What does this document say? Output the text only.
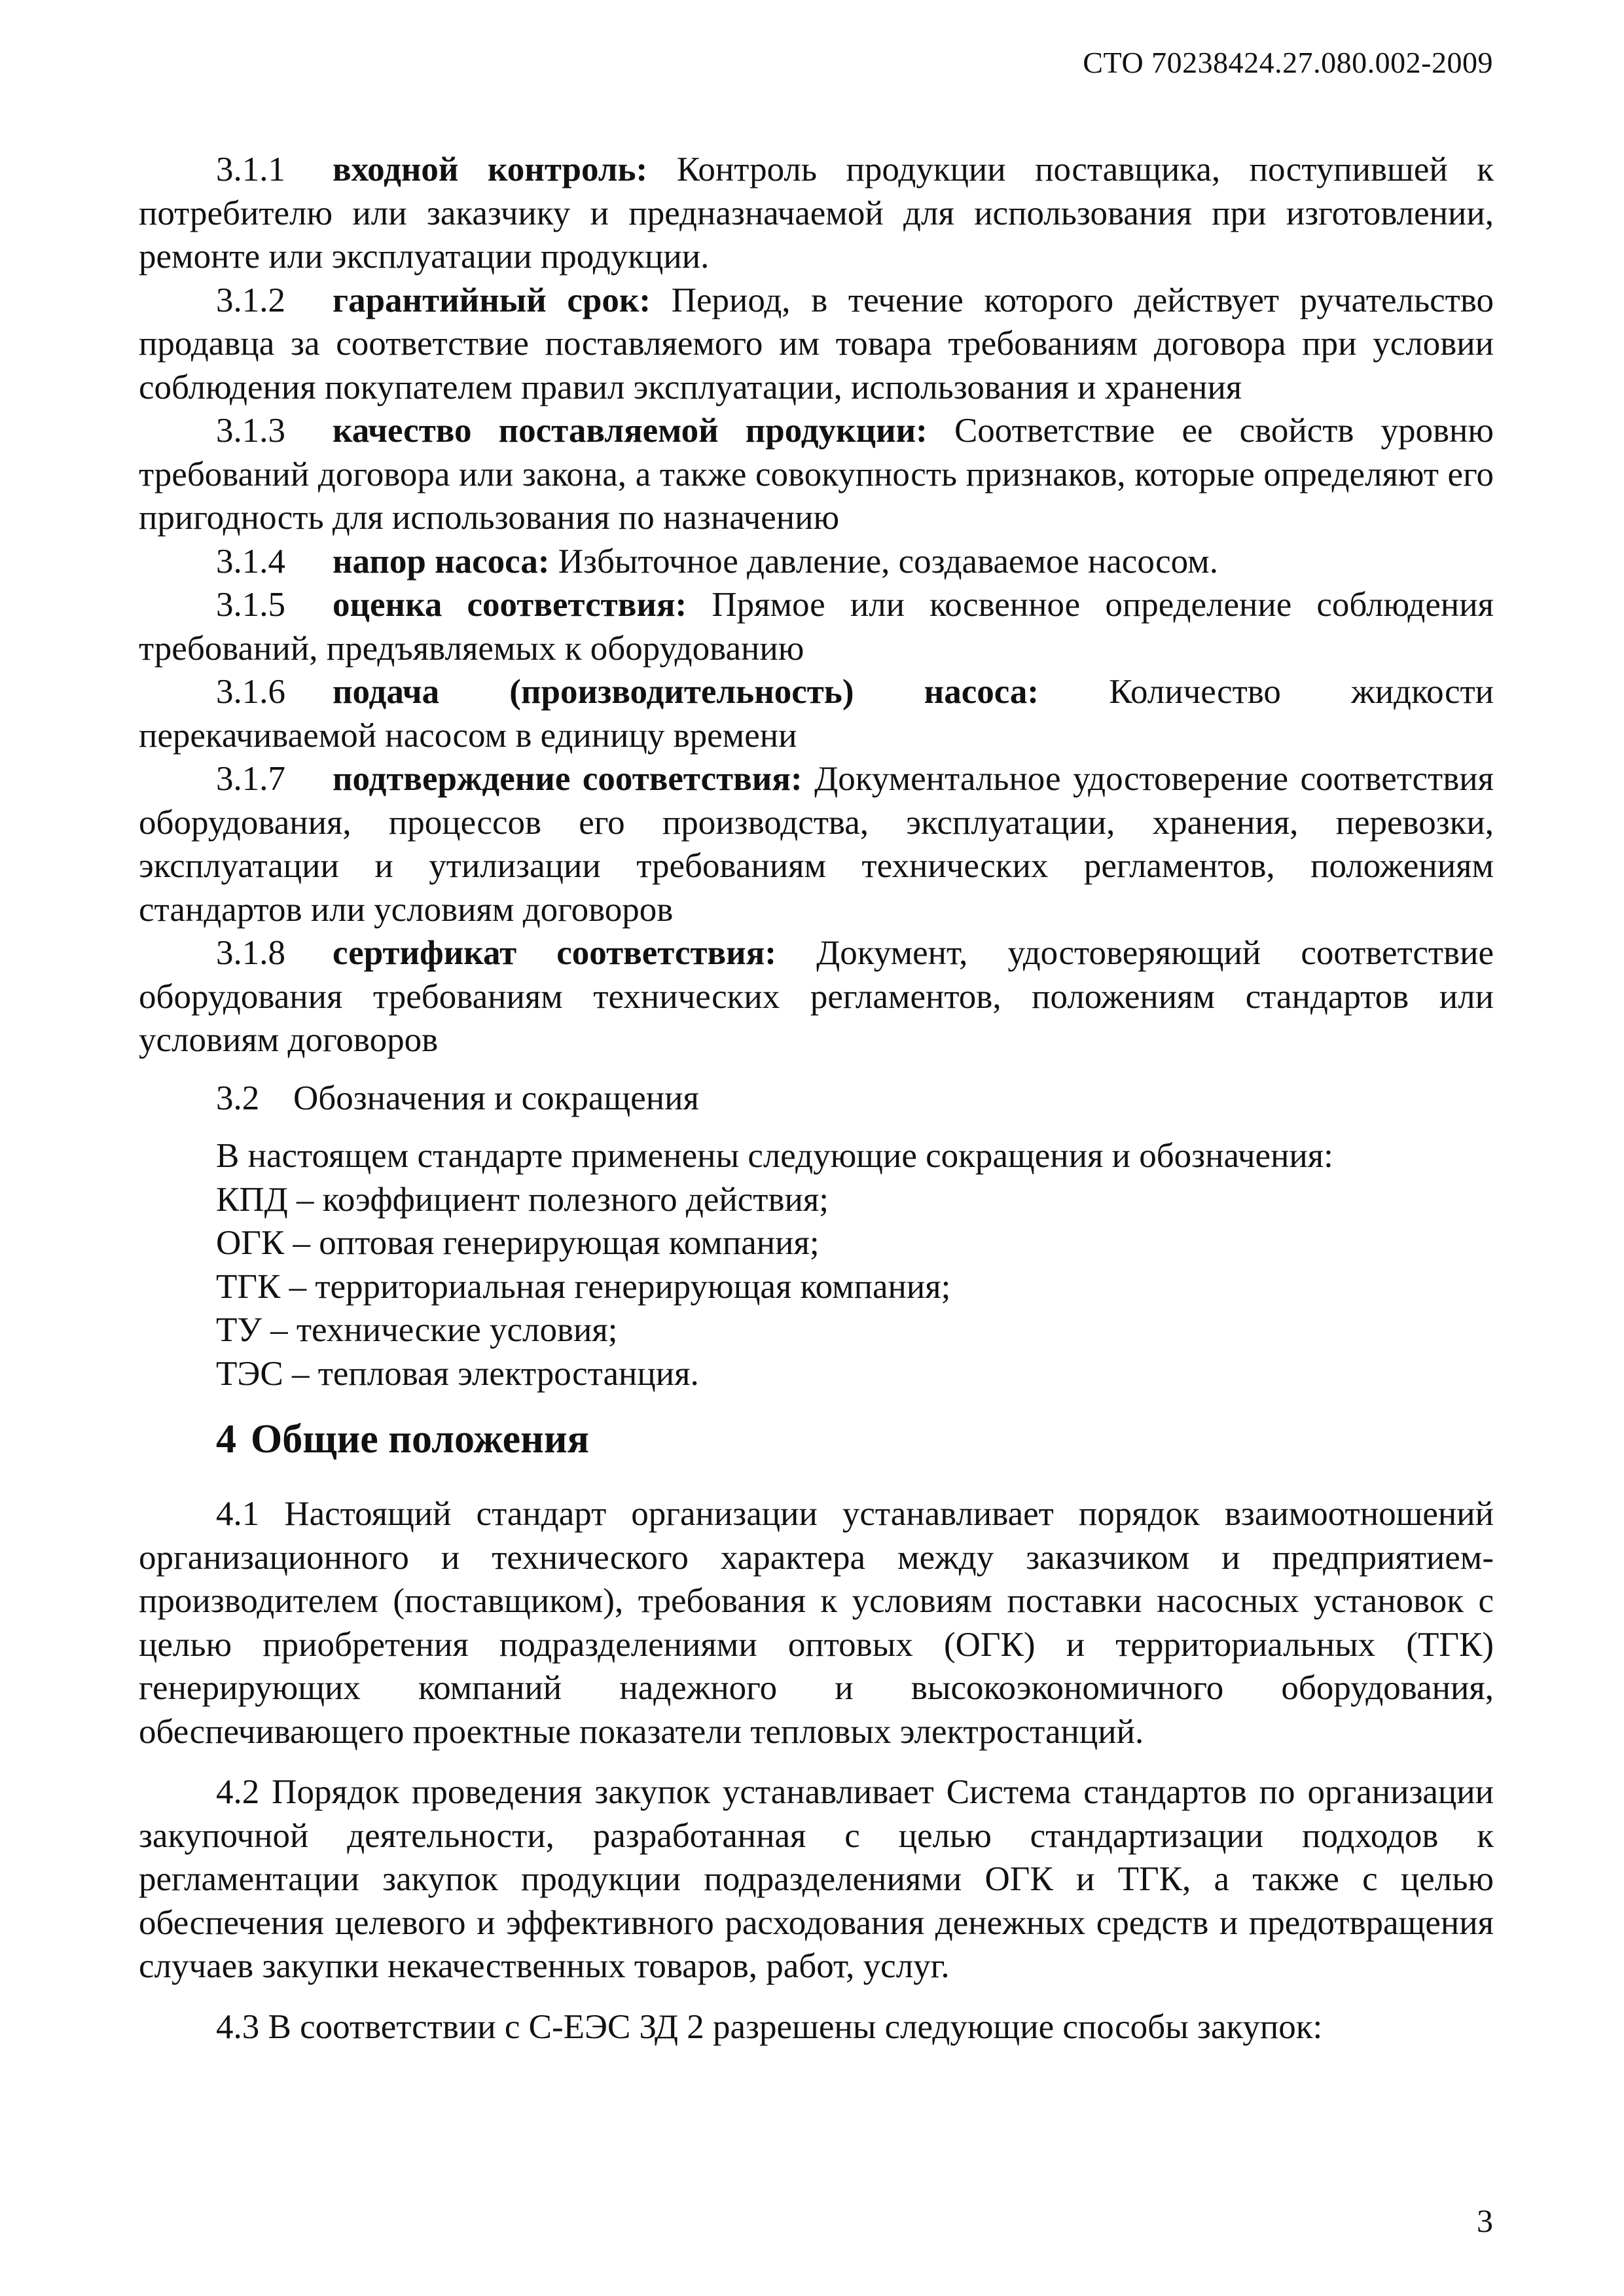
СТО 70238424.27.080.002-2009

3.1.1 входной контроль: Контроль продукции поставщика, поступившей к потребителю или заказчику и предназначаемой для использования при изготовлении, ремонте или эксплуатации продукции.

3.1.2 гарантийный срок: Период, в течение которого действует ручательство продавца за соответствие поставляемого им товара требованиям договора при условии соблюдения покупателем правил эксплуатации, использования и хранения

3.1.3 качество поставляемой продукции: Соответствие ее свойств уровню требований договора или закона, а также совокупность признаков, которые определяют его пригодность для использования по назначению

3.1.4 напор насоса: Избыточное давление, создаваемое насосом.

3.1.5 оценка соответствия: Прямое или косвенное определение соблюдения требований, предъявляемых к оборудованию

3.1.6 подача (производительность) насоса: Количество жидкости перекачиваемой насосом в единицу времени

3.1.7 подтверждение соответствия: Документальное удостоверение соответствия оборудования, процессов его производства, эксплуатации, хранения, перевозки, эксплуатации и утилизации требованиям технических регламентов, положениям стандартов или условиям договоров

3.1.8 сертификат соответствия: Документ, удостоверяющий соответствие оборудования требованиям технических регламентов, положениям стандартов или условиям договоров

3.2 Обозначения и сокращения

В настоящем стандарте применены следующие сокращения и обозначения:

КПД – коэффициент полезного действия;

ОГК – оптовая генерирующая компания;

ТГК – территориальная генерирующая компания;

ТУ – технические условия;

ТЭС – тепловая электростанция.

4 Общие положения

4.1 Настоящий стандарт организации устанавливает порядок взаимоотношений организационного и технического характера между заказчиком и предприятием-производителем (поставщиком), требования к условиям поставки насосных установок с целью приобретения подразделениями оптовых (ОГК) и территориальных (ТГК) генерирующих компаний надежного и высокоэкономичного оборудования, обеспечивающего проектные показатели тепловых электростанций.

4.2 Порядок проведения закупок устанавливает Система стандартов по организации закупочной деятельности, разработанная с целью стандартизации подходов к регламентации закупок продукции подразделениями ОГК и ТГК, а также с целью обеспечения целевого и эффективного расходования денежных средств и предотвращения случаев закупки некачественных товаров, работ, услуг.

4.3 В соответствии с С-ЕЭС ЗД 2 разрешены следующие способы закупок:

3
